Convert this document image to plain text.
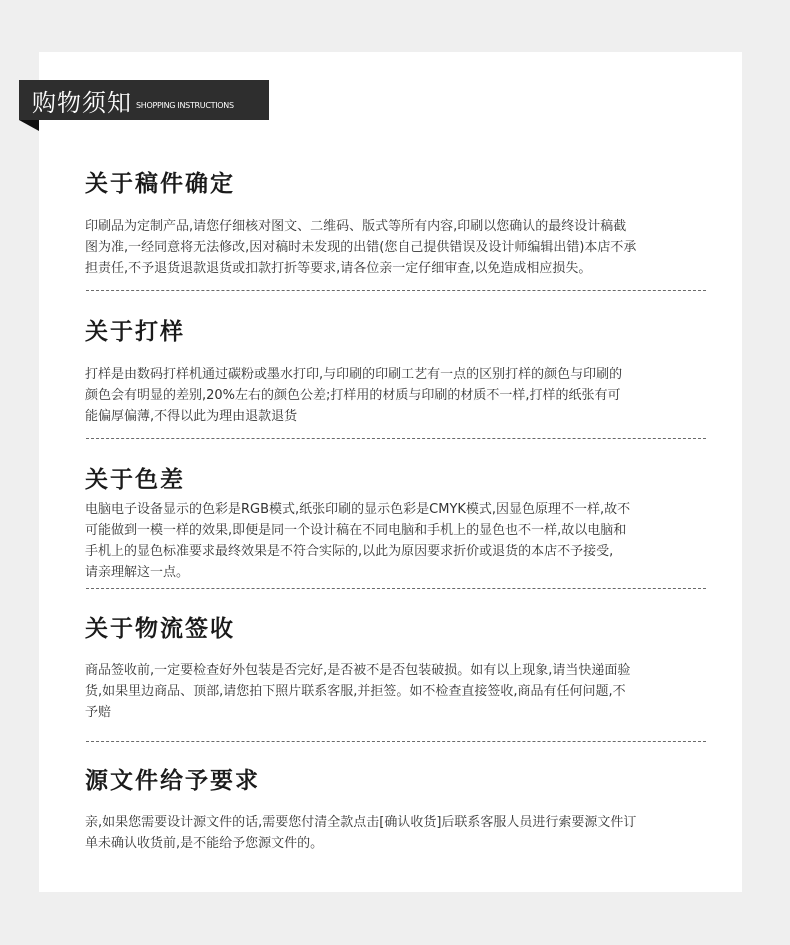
购物须知 SHOPPING INSTRUCTIONS
关于稿件确定

印刷品为定制产品,请您仔细核对图文、二维码、版式等所有内容,印刷以您确认的最终设计稿截
图为准,一经同意将无法修改,因对稿时未发现的出错(您自己提供错误及设计师编辑出错)本店不承
担责任,不予退货退款退货或扣款打折等要求,请各位亲一定仔细审查,以免造成相应损失。

关于打样

打样是由数码打样机通过碳粉或墨水打印,与印刷的印刷工艺有一点的区别打样的颜色与印刷的
颜色会有明显的差别,20%左右的颜色公差;打样用的材质与印刷的材质不一样,打样的纸张有可
能偏厚偏薄,不得以此为理由退款退货

关于色差

电脑电子设备显示的色彩是RGB模式,纸张印刷的显示色彩是CMYK模式,因显色原理不一样,故不
可能做到一模一样的效果,即便是同一个设计稿在不同电脑和手机上的显色也不一样,故以电脑和
手机上的显色标准要求最终效果是不符合实际的,以此为原因要求折价或退货的本店不予接受,
请亲理解这一点。

关于物流签收

商品签收前,一定要检查好外包装是否完好,是否被不是否包装破损。如有以上现象,请当快递面验
货,如果里边商品、顶部,请您拍下照片联系客服,并拒签。如不检查直接签收,商品有任何问题,不
予赔

源文件给予要求

亲,如果您需要设计源文件的话,需要您付清全款点击[确认收货]后联系客服人员进行索要源文件订
单未确认收货前,是不能给予您源文件的。
